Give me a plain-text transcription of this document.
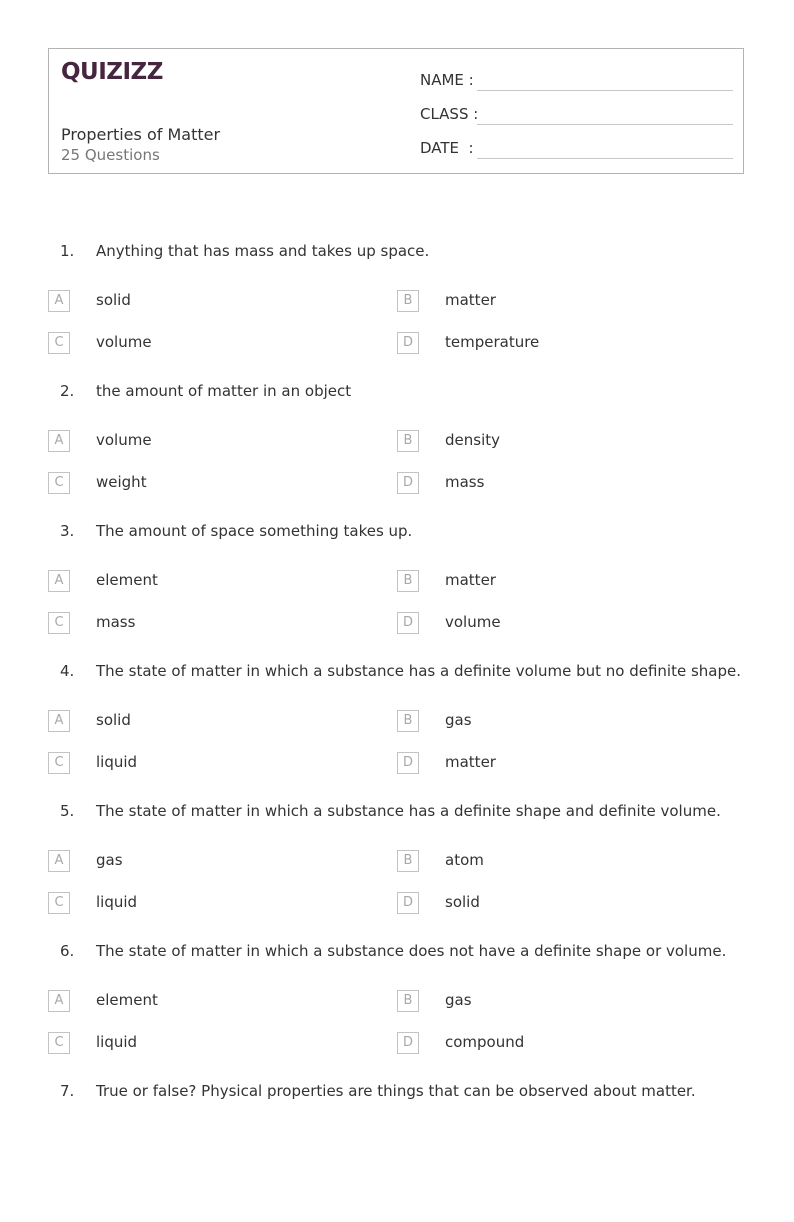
QUIZIZZ
Properties of Matter
25 Questions
NAME :
CLASS :
DATE  :
1. Anything that has mass and takes up space.
A	solid	B	matter
C	volume	D	temperature
2. the amount of matter in an object
A	volume	B	density
C	weight	D	mass
3. The amount of space something takes up.
A	element	B	matter
C	mass	D	volume
4. The state of matter in which a substance has a definite volume but no definite shape.
A	solid	B	gas
C	liquid	D	matter
5. The state of matter in which a substance has a definite shape and definite volume.
A	gas	B	atom
C	liquid	D	solid
6. The state of matter in which a substance does not have a definite shape or volume.
A	element	B	gas
C	liquid	D	compound
7. True or false? Physical properties are things that can be observed about matter.
